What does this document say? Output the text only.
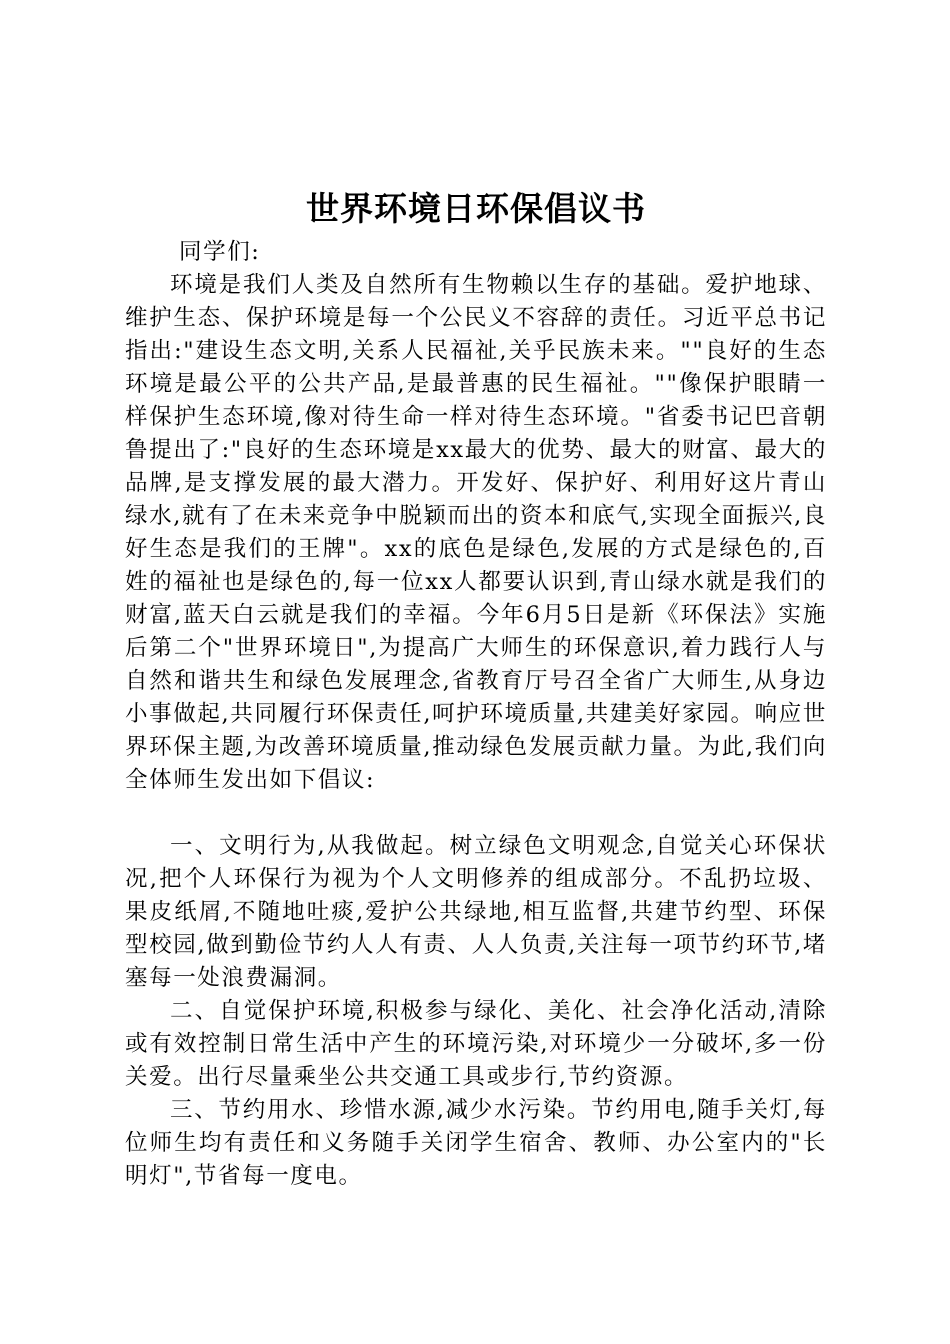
世界环境日环保倡议书

同学们:

环境是我们人类及自然所有生物赖以生存的基础。爱护地球、维护生态、保护环境是每一个公民义不容辞的责任。习近平总书记指出:"建设生态文明,关系人民福祉,关乎民族未来。""良好的生态环境是最公平的公共产品,是最普惠的民生福祉。""像保护眼睛一样保护生态环境,像对待生命一样对待生态环境。"省委书记巴音朝鲁提出了:"良好的生态环境是xx最大的优势、最大的财富、最大的品牌,是支撑发展的最大潜力。开发好、保护好、利用好这片青山绿水,就有了在未来竞争中脱颖而出的资本和底气,实现全面振兴,良好生态是我们的王牌"。xx的底色是绿色,发展的方式是绿色的,百姓的福祉也是绿色的,每一位xx人都要认识到,青山绿水就是我们的财富,蓝天白云就是我们的幸福。今年6月5日是新《环保法》实施后第二个"世界环境日",为提高广大师生的环保意识,着力践行人与自然和谐共生和绿色发展理念,省教育厅号召全省广大师生,从身边小事做起,共同履行环保责任,呵护环境质量,共建美好家园。响应世界环保主题,为改善环境质量,推动绿色发展贡献力量。为此,我们向全体师生发出如下倡议:

一、文明行为,从我做起。树立绿色文明观念,自觉关心环保状况,把个人环保行为视为个人文明修养的组成部分。不乱扔垃圾、果皮纸屑,不随地吐痰,爱护公共绿地,相互监督,共建节约型、环保型校园,做到勤俭节约人人有责、人人负责,关注每一项节约环节,堵塞每一处浪费漏洞。

二、自觉保护环境,积极参与绿化、美化、社会净化活动,清除或有效控制日常生活中产生的环境污染,对环境少一分破坏,多一份关爱。出行尽量乘坐公共交通工具或步行,节约资源。

三、节约用水、珍惜水源,减少水污染。节约用电,随手关灯,每位师生均有责任和义务随手关闭学生宿舍、教师、办公室内的"长明灯",节省每一度电。
